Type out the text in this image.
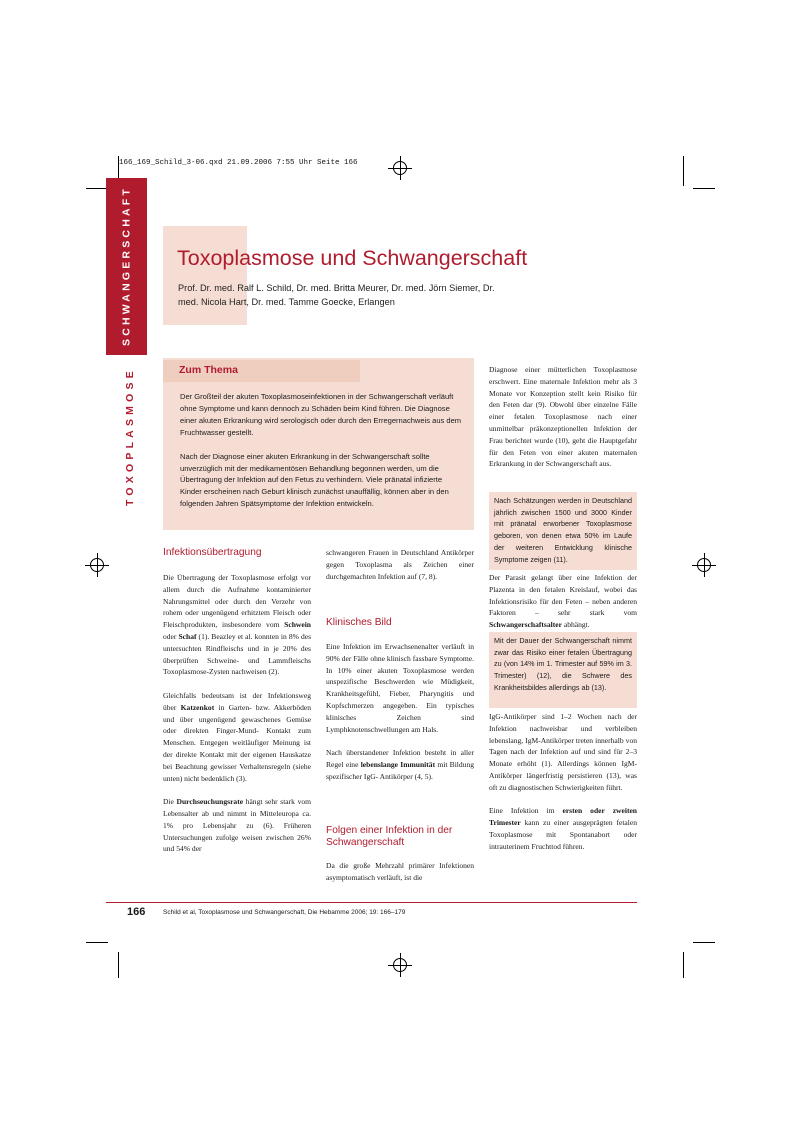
166_169_Schild_3-06.qxd 21.09.2006 7:55 Uhr Seite 166
SCHWANGERSCHAFT
TOXOPLASMOSE
Toxoplasmose und Schwangerschaft
Prof. Dr. med. Ralf L. Schild, Dr. med. Britta Meurer, Dr. med. Jörn Siemer, Dr. med. Nicola Hart, Dr. med. Tamme Goecke, Erlangen
Zum Thema

Der Großteil der akuten Toxoplasmoseinfektionen in der Schwangerschaft verläuft ohne Symptome und kann dennoch zu Schäden beim Kind führen. Die Diagnose einer akuten Erkrankung wird serologisch oder durch den Erregernachweis aus dem Fruchtwasser gestellt.

Nach der Diagnose einer akuten Erkrankung in der Schwangerschaft sollte unverzüglich mit der medikamentösen Behandlung begonnen werden, um die Übertragung der Infektion auf den Fetus zu verhindern. Viele pränatal infizierte Kinder erscheinen nach Geburt klinisch zunächst unauffällig, können aber in den folgenden Jahren Spätsymptome der Infektion entwickeln.

Infektionsübertragung

Die Übertragung der Toxoplasmose erfolgt vor allem durch die Aufnahme kontaminierter Nahrungsmittel oder durch den Verzehr von rohem oder ungenügend erhitztem Fleisch oder Fleischprodukten, insbesondere vom Schwein oder Schaf (1). Beazley et al. konnten in 8% des untersuchten Rindfleischs und in je 20% des überprüften Schweine- und Lammfleischs Toxoplasmose-Zysten nachweisen (2).

Gleichfalls bedeutsam ist der Infektionsweg über Katzenkot in Garten- bzw. Akkerböden und über ungenügend gewaschenes Gemüse oder direkten Finger-Mund- Kontakt zum Menschen. Entgegen weitläufiger Meinung ist der direkte Kontakt mit der eigenen Hauskatze bei Beachtung gewisser Verhaltensregeln (siehe unten) nicht bedenklich (3).

Die Durchseuchungsrate hängt sehr stark vom Lebensalter ab und nimmt in Mitteleuropa ca. 1% pro Lebensjahr zu (6). Früheren Untersuchungen zufolge weisen zwischen 26% und 54% der

schwangeren Frauen in Deutschland Antikörper gegen Toxoplasma als Zeichen einer durchgemachten Infektion auf (7, 8).

Klinisches Bild

Eine Infektion im Erwachsenenalter verläuft in 90% der Fälle ohne klinisch fassbare Symptome. In 10% einer akuten Toxoplasmose werden unspezifische Beschwerden wie Müdigkeit, Krankheitsgefühl, Fieber, Pharyngitis und Kopfschmerzen angegeben. Ein typisches klinisches Zeichen sind Lymphknotenschwellungen am Hals.

Nach überstandener Infektion besteht in aller Regel eine lebenslange Immunität mit Bildung spezifischer IgG- Antikörper (4, 5).

Folgen einer Infektion in der Schwangerschaft

Da die große Mehrzahl primärer Infektionen asymptomatisch verläuft, ist die

Diagnose einer mütterlichen Toxoplasmose erschwert. Eine maternale Infektion mehr als 3 Monate vor Konzeption stellt kein Risiko für den Feten dar (9). Obwohl über einzelne Fälle einer fetalen Toxoplasmose nach einer unmittelbar präkonzeptionellen Infektion der Frau berichtet wurde (10), geht die Hauptgefahr für den Feten von einer akuten maternalen Erkrankung in der Schwangerschaft aus.

Nach Schätzungen werden in Deutschland jährlich zwischen 1500 und 3000 Kinder mit pränatal erworbener Toxoplasmose geboren, von denen etwa 50% im Laufe der weiteren Entwicklung klinische Symptome zeigen (11).

Der Parasit gelangt über eine Infektion der Plazenta in den fetalen Kreislauf, wobei das Infektionsrisiko für den Feten – neben anderen Faktoren – sehr stark vom Schwangerschaftsalter abhängt.

Mit der Dauer der Schwangerschaft nimmt zwar das Risiko einer fetalen Übertragung zu (von 14% im 1. Trimester auf 59% im 3. Trimester) (12), die Schwere des Krankheitsbildes allerdings ab (13).

IgG-Antikörper sind 1–2 Wochen nach der Infektion nachweisbar und verbleiben lebenslang, IgM-Antikörper treten innerhalb von Tagen nach der Infektion auf und sind für 2–3 Monate erhöht (1). Allerdings können IgM-Antikörper längerfristig persistieren (13), was oft zu diagnostischen Schwierigkeiten führt.

Eine Infektion im ersten oder zweiten Trimester kann zu einer ausgeprägten fetalen Toxoplasmose mit Spontanabort oder intrauterinem Fruchttod führen.

166	Schild et al, Toxoplasmose und Schwangerschaft, Die Hebamme 2006; 19: 166–179
